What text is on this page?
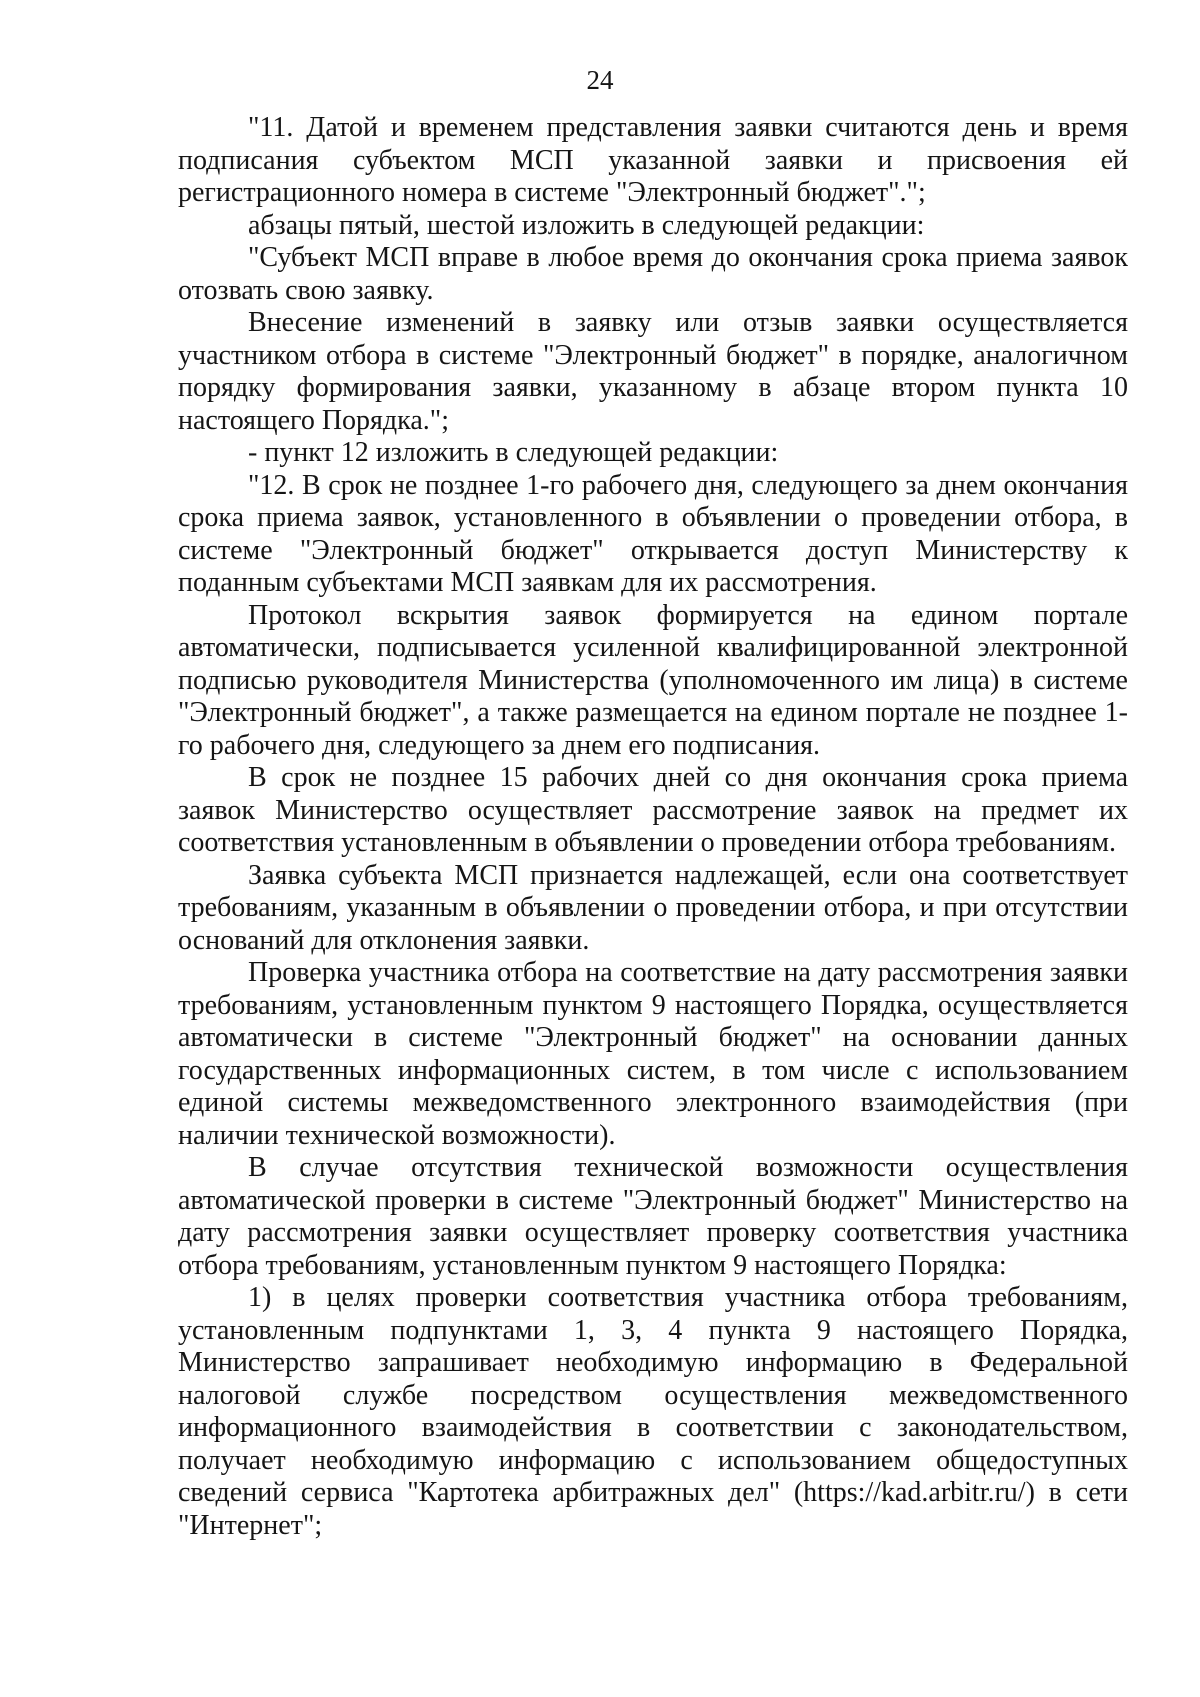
24

"11. Датой и временем представления заявки считаются день и время подписания субъектом МСП указанной заявки и присвоения ей регистрационного номера в системе "Электронный бюджет".";

абзацы пятый, шестой изложить в следующей редакции:

"Субъект МСП вправе в любое время до окончания срока приема заявок отозвать свою заявку.

Внесение изменений в заявку или отзыв заявки осуществляется участником отбора в системе "Электронный бюджет" в порядке, аналогичном порядку формирования заявки, указанному в абзаце втором пункта 10 настоящего Порядка.";

- пункт 12 изложить в следующей редакции:

"12. В срок не позднее 1-го рабочего дня, следующего за днем окончания срока приема заявок, установленного в объявлении о проведении отбора, в системе "Электронный бюджет" открывается доступ Министерству к поданным субъектами МСП заявкам для их рассмотрения.

Протокол вскрытия заявок формируется на едином портале автоматически, подписывается усиленной квалифицированной электронной подписью руководителя Министерства (уполномоченного им лица) в системе "Электронный бюджет", а также размещается на едином портале не позднее 1-го рабочего дня, следующего за днем его подписания.

В срок не позднее 15 рабочих дней со дня окончания срока приема заявок Министерство осуществляет рассмотрение заявок на предмет их соответствия установленным в объявлении о проведении отбора требованиям.

Заявка субъекта МСП признается надлежащей, если она соответствует требованиям, указанным в объявлении о проведении отбора, и при отсутствии оснований для отклонения заявки.

Проверка участника отбора на соответствие на дату рассмотрения заявки требованиям, установленным пунктом 9 настоящего Порядка, осуществляется автоматически в системе "Электронный бюджет" на основании данных государственных информационных систем, в том числе с использованием единой системы межведомственного электронного взаимодействия (при наличии технической возможности).

В случае отсутствия технической возможности осуществления автоматической проверки в системе "Электронный бюджет" Министерство на дату рассмотрения заявки осуществляет проверку соответствия участника отбора требованиям, установленным пунктом 9 настоящего Порядка:

1) в целях проверки соответствия участника отбора требованиям, установленным подпунктами 1, 3, 4 пункта 9 настоящего Порядка, Министерство запрашивает необходимую информацию в Федеральной налоговой службе посредством осуществления межведомственного информационного взаимодействия в соответствии с законодательством, получает необходимую информацию с использованием общедоступных сведений сервиса "Картотека арбитражных дел" (https://kad.arbitr.ru/) в сети "Интернет";
